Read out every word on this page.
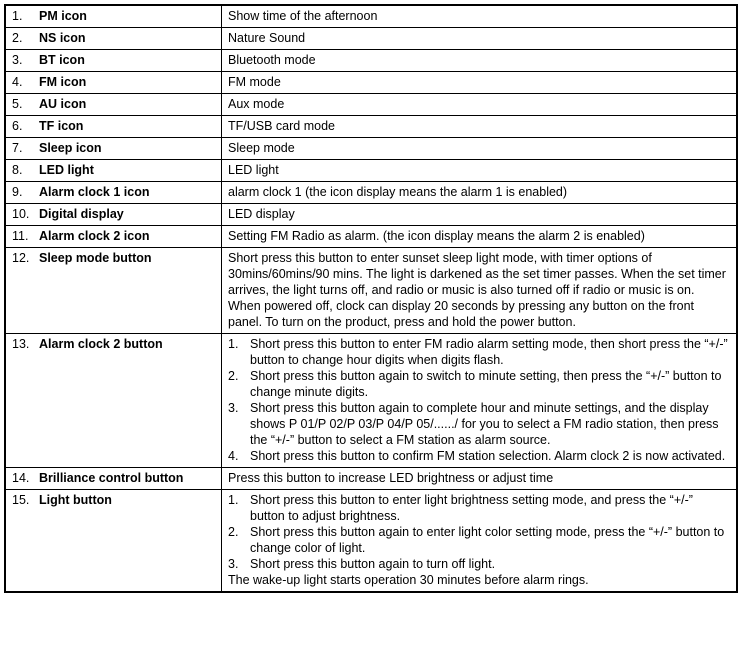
1. PM icon	Show time of the afternoon
2. NS icon	Nature Sound
3. BT icon	Bluetooth mode
4. FM icon	FM mode
5. AU icon	Aux mode
6. TF icon	TF/USB card mode
7. Sleep icon	Sleep mode
8. LED light	LED light
9. Alarm clock 1 icon	alarm clock 1 (the icon display means the alarm 1 is enabled)
10. Digital display	LED display
11. Alarm clock 2 icon	Setting FM Radio as alarm. (the icon display means the alarm 2 is enabled)
12. Sleep mode button	Short press this button to enter sunset sleep light mode, with timer options of 30mins/60mins/90 mins. The light is darkened as the set timer passes. When the set timer arrives, the light turns off, and radio or music is also turned off if radio or music is on. When powered off, clock can display 20 seconds by pressing any button on the front panel. To turn on the product, press and hold the power button.
13. Alarm clock 2 button	1. Short press this button to enter FM radio alarm setting mode, then short press the “+/-” button to change hour digits when digits flash.
2. Short press this button again to switch to minute setting, then press the “+/-” button to change minute digits.
3. Short press this button again to complete hour and minute settings, and the display shows P 01/P 02/P 03/P 04/P 05/....../ for you to select a FM radio station, then press the “+/-” button to select a FM station as alarm source.
4. Short press this button to confirm FM station selection. Alarm clock 2 is now activated.

14. Brilliance control button	Press this button to increase LED brightness or adjust time
15. Light button	1. Short press this button to enter light brightness setting mode, and press the “+/-” button to adjust brightness.
2. Short press this button again to enter light color setting mode, press the “+/-” button to change color of light.
3. Short press this button again to turn off light.
The wake-up light starts operation 30 minutes before alarm rings.
